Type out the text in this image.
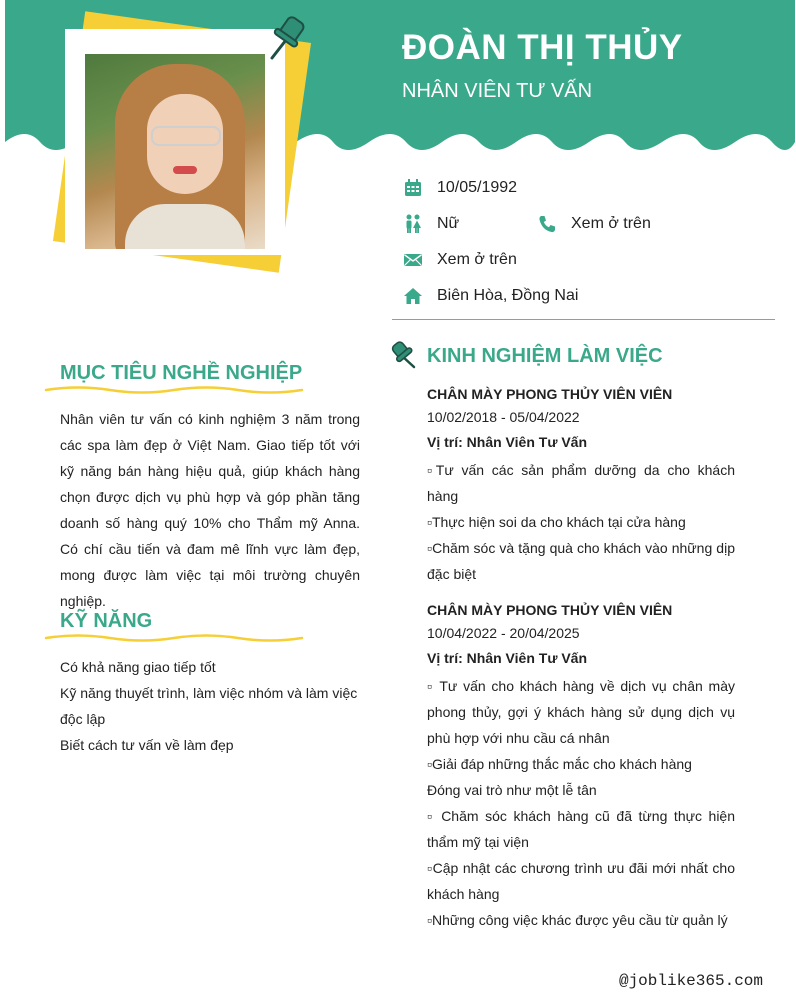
ĐOÀN THỊ THỦY
NHÂN VIÊN TƯ VẤN
10/05/1992
Nữ	Xem ở trên
Xem ở trên
Biên Hòa, Đồng Nai
MỤC TIÊU NGHỀ NGHIỆP

Nhân viên tư vấn có kinh nghiệm 3 năm trong các spa làm đẹp ở Việt Nam. Giao tiếp tốt với kỹ năng bán hàng hiệu quả, giúp khách hàng chọn được dịch vụ phù hợp và góp phần tăng doanh số hàng quý 10% cho Thẩm mỹ Anna. Có chí cầu tiến và đam mê lĩnh vực làm đẹp, mong được làm việc tại môi trường chuyên nghiệp.

KỸ NĂNG
Có khả năng giao tiếp tốt
Kỹ năng thuyết trình, làm việc nhóm và làm việc độc lập
Biết cách tư vấn về làm đẹp
KINH NGHIỆM LÀM VIỆC
CHÂN MÀY PHONG THỦY VIÊN VIÊN
10/02/2018 - 05/04/2022
Vị trí: Nhân Viên Tư Vấn
▫Tư vấn các sản phẩm dưỡng da cho khách hàng
▫Thực hiện soi da cho khách tại cửa hàng
▫Chăm sóc và tặng quà cho khách vào những dịp đặc biệt
CHÂN MÀY PHONG THỦY VIÊN VIÊN
10/04/2022 - 20/04/2025
Vị trí: Nhân Viên Tư Vấn
▫ Tư vấn cho khách hàng về dịch vụ chân mày phong thủy, gợi ý khách hàng sử dụng dịch vụ phù hợp với nhu cầu cá nhân
▫Giải đáp những thắc mắc cho khách hàng
Đóng vai trò như một lễ tân
▫ Chăm sóc khách hàng cũ đã từng thực hiện thẩm mỹ tại viện
▫Cập nhật các chương trình ưu đãi mới nhất cho khách hàng
▫Những công việc khác được yêu cầu từ quản lý
@joblike365.com
